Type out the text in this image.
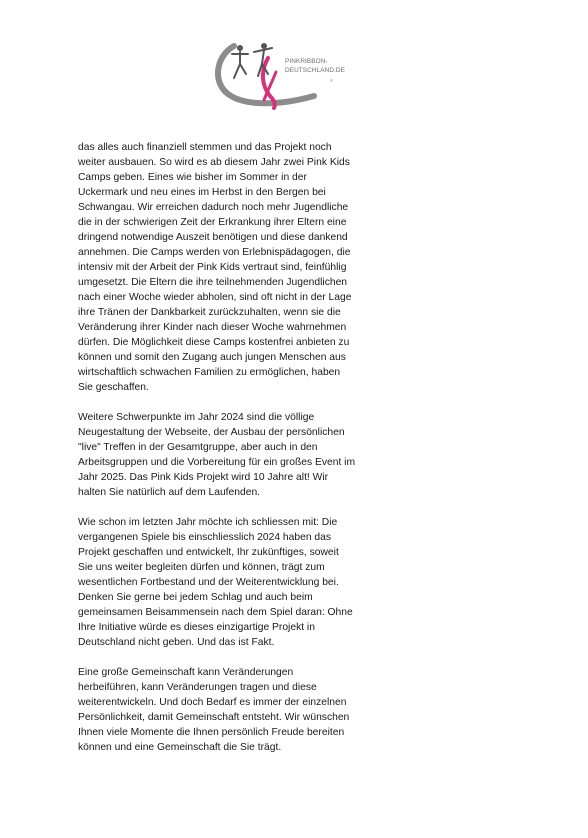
PINKRIBBON-
DEUTSCHLAND.DE
®
das alles auch finanziell stemmen und das Projekt noch
weiter ausbauen. So wird es ab diesem Jahr zwei Pink Kids
Camps geben. Eines wie bisher im Sommer in der
Uckermark und neu eines im Herbst in den Bergen bei
Schwangau. Wir erreichen dadurch noch mehr Jugendliche
die in der schwierigen Zeit der Erkrankung ihrer Eltern eine
dringend notwendige Auszeit benötigen und diese dankend
annehmen. Die Camps werden von Erlebnispädagogen, die
intensiv mit der Arbeit der Pink Kids vertraut sind, feinfühlig
umgesetzt. Die Eltern die ihre teilnehmenden Jugendlichen
nach einer Woche wieder abholen, sind oft nicht in der Lage
ihre Tränen der Dankbarkeit zurückzuhalten, wenn sie die
Veränderung ihrer Kinder nach dieser Woche wahrnehmen
dürfen. Die Möglichkeit diese Camps kostenfrei anbieten zu
können und somit den Zugang auch jungen Menschen aus
wirtschaftlich schwachen Familien zu ermöglichen, haben
Sie geschaffen.
Weitere Schwerpunkte im Jahr 2024 sind die völlige
Neugestaltung der Webseite, der Ausbau der persönlichen
"live" Treffen in der Gesamtgruppe, aber auch in den
Arbeitsgruppen und die Vorbereitung für ein großes Event im
Jahr 2025. Das Pink Kids Projekt wird 10 Jahre alt! Wir
halten Sie natürlich auf dem Laufenden.
Wie schon im letzten Jahr möchte ich schliessen mit: Die
vergangenen Spiele bis einschliesslich 2024 haben das
Projekt geschaffen und entwickelt, Ihr zukünftiges, soweit
Sie uns weiter begleiten dürfen und können, trägt zum
wesentlichen Fortbestand und der Weiterentwicklung bei.
Denken Sie gerne bei jedem Schlag und auch beim
gemeinsamen Beisammensein nach dem Spiel daran: Ohne
Ihre Initiative würde es dieses einzigartige Projekt in
Deutschland nicht geben. Und das ist Fakt.
Eine große Gemeinschaft kann Veränderungen
herbeiführen, kann Veränderungen tragen und diese
weiterentwickeln. Und doch Bedarf es immer der einzelnen
Persönlichkeit, damit Gemeinschaft entsteht. Wir wünschen
Ihnen viele Momente die Ihnen persönlich Freude bereiten
können und eine Gemeinschaft die Sie trägt.
